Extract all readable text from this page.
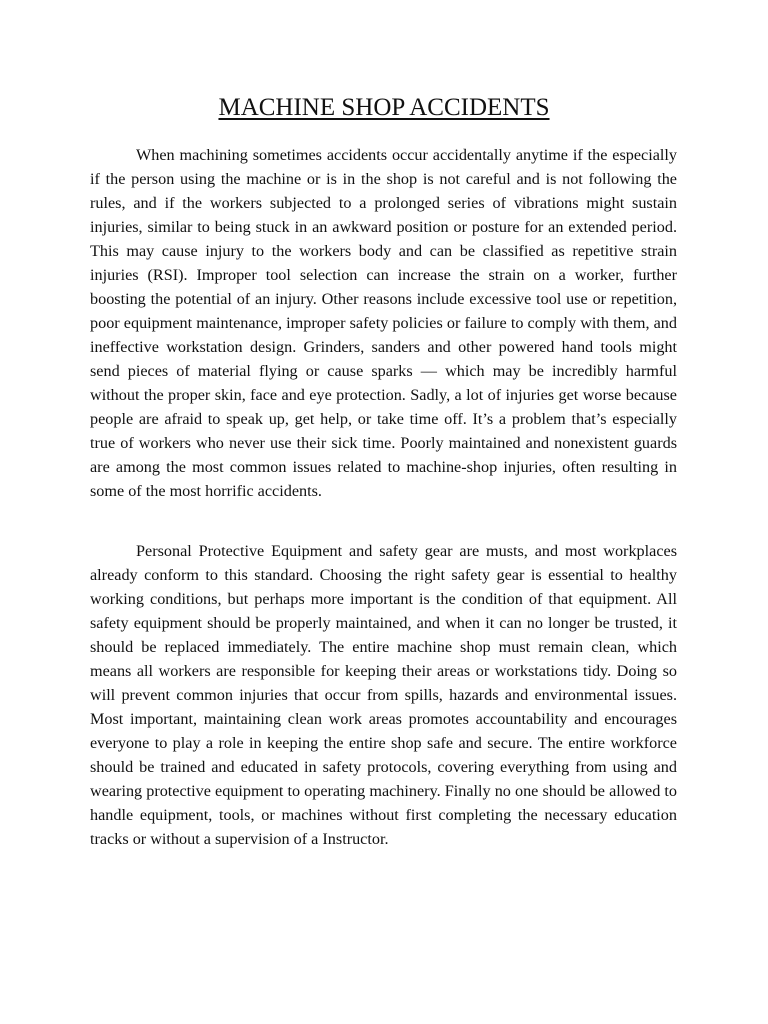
MACHINE SHOP ACCIDENTS

When machining sometimes accidents occur accidentally anytime if the especially if the person using the machine or is in the shop is not careful and is not following the rules, and if the workers subjected to a prolonged series of vibrations might sustain injuries, similar to being stuck in an awkward position or posture for an extended period. This may cause injury to the workers body and can be classified as repetitive strain injuries (RSI). Improper tool selection can increase the strain on a worker, further boosting the potential of an injury. Other reasons include excessive tool use or repetition, poor equipment maintenance, improper safety policies or failure to comply with them, and ineffective workstation design. Grinders, sanders and other powered hand tools might send pieces of material flying or cause sparks — which may be incredibly harmful without the proper skin, face and eye protection. Sadly, a lot of injuries get worse because people are afraid to speak up, get help, or take time off. It’s a problem that’s especially true of workers who never use their sick time. Poorly maintained and nonexistent guards are among the most common issues related to machine-shop injuries, often resulting in some of the most horrific accidents.

Personal Protective Equipment and safety gear are musts, and most workplaces already conform to this standard. Choosing the right safety gear is essential to healthy working conditions, but perhaps more important is the condition of that equipment. All safety equipment should be properly maintained, and when it can no longer be trusted, it should be replaced immediately. The entire machine shop must remain clean, which means all workers are responsible for keeping their areas or workstations tidy. Doing so will prevent common injuries that occur from spills, hazards and environmental issues. Most important, maintaining clean work areas promotes accountability and encourages everyone to play a role in keeping the entire shop safe and secure. The entire workforce should be trained and educated in safety protocols, covering everything from using and wearing protective equipment to operating machinery. Finally no one should be allowed to handle equipment, tools, or machines without first completing the necessary education tracks or without a supervision of a Instructor.
